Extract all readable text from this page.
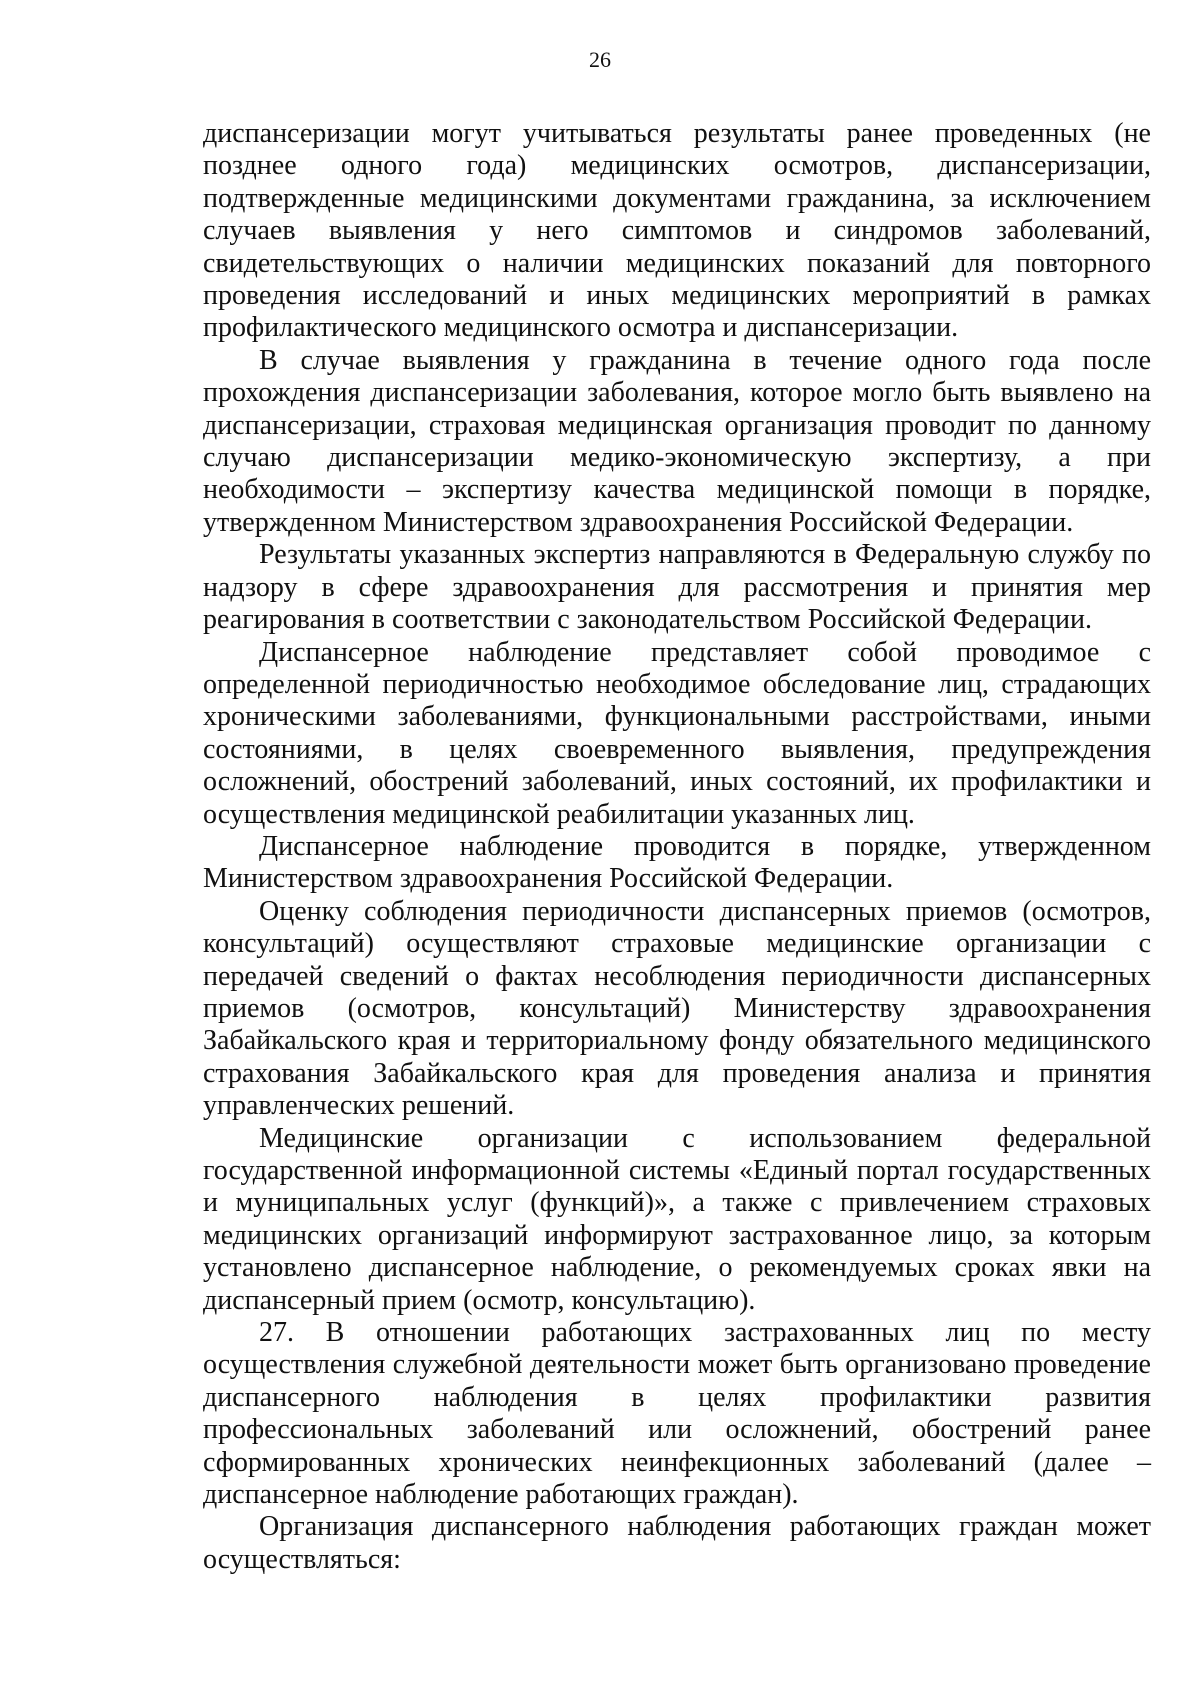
26

диспансеризации могут учитываться результаты ранее проведенных (не позднее одного года) медицинских осмотров, диспансеризации, подтвержденные медицинскими документами гражданина, за исключением случаев выявления у него симптомов и синдромов заболеваний, свидетельствующих о наличии медицинских показаний для повторного проведения исследований и иных медицинских мероприятий в рамках профилактического медицинского осмотра и диспансеризации.

В случае выявления у гражданина в течение одного года после прохождения диспансеризации заболевания, которое могло быть выявлено на диспансеризации, страховая медицинская организация проводит по данному случаю диспансеризации медико-экономическую экспертизу, а при необходимости – экспертизу качества медицинской помощи в порядке, утвержденном Министерством здравоохранения Российской Федерации.

Результаты указанных экспертиз направляются в Федеральную службу по надзору в сфере здравоохранения для рассмотрения и принятия мер реагирования в соответствии с законодательством Российской Федерации.

Диспансерное наблюдение представляет собой проводимое с определенной периодичностью необходимое обследование лиц, страдающих хроническими заболеваниями, функциональными расстройствами, иными состояниями, в целях своевременного выявления, предупреждения осложнений, обострений заболеваний, иных состояний, их профилактики и осуществления медицинской реабилитации указанных лиц.

Диспансерное наблюдение проводится в порядке, утвержденном Министерством здравоохранения Российской Федерации.

Оценку соблюдения периодичности диспансерных приемов (осмотров, консультаций) осуществляют страховые медицинские организации с передачей сведений о фактах несоблюдения периодичности диспансерных приемов (осмотров, консультаций) Министерству здравоохранения Забайкальского края и территориальному фонду обязательного медицинского страхования Забайкальского края для проведения анализа и принятия управленческих решений.

Медицинские организации с использованием федеральной государственной информационной системы «Единый портал государственных и муниципальных услуг (функций)», а также с привлечением страховых медицинских организаций информируют застрахованное лицо, за которым установлено диспансерное наблюдение, о рекомендуемых сроках явки на диспансерный прием (осмотр, консультацию).

27. В отношении работающих застрахованных лиц по месту осуществления служебной деятельности может быть организовано проведение диспансерного наблюдения в целях профилактики развития профессиональных заболеваний или осложнений, обострений ранее сформированных хронических неинфекционных заболеваний (далее – диспансерное наблюдение работающих граждан).

Организация диспансерного наблюдения работающих граждан может осуществляться:
